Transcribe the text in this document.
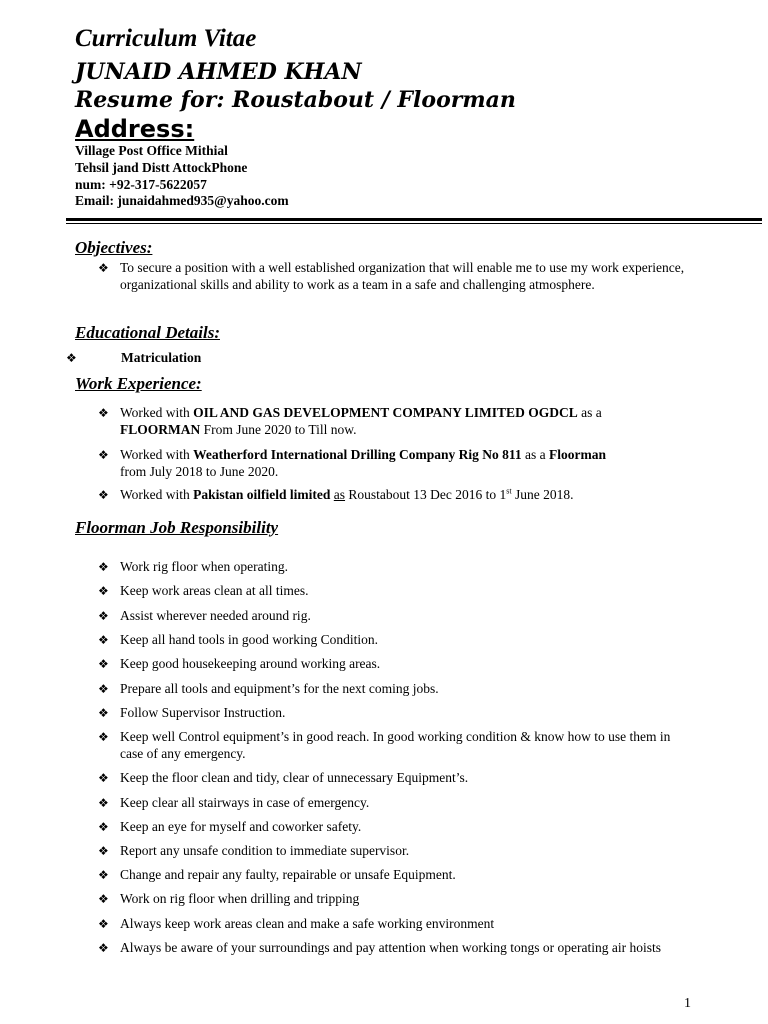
Curriculum Vitae
JUNAID AHMED KHAN
Resume for: Roustabout / Floorman
Address:
Village Post Office Mithial
Tehsil jand Distt AttockPhone
num: +92-317-5622057
Email: junaidahmed935@yahoo.com
Objectives:
❖ To secure a position with a well established organization that will enable me to use my work experience, organizational skills and ability to work as a team in a safe and challenging atmosphere.
Educational Details:
❖	Matriculation
Work Experience:
❖ Worked with OIL AND GAS DEVELOPMENT COMPANY LIMITED OGDCL as a
FLOORMAN From June 2020 to Till now.
❖ Worked with Weatherford International Drilling Company Rig No 811 as a Floorman
from July 2018 to June 2020.
❖ Worked with Pakistan oilfield limited as Roustabout 13 Dec 2016 to 1st June 2018.
Floorman Job Responsibility
❖ Work rig floor when operating.
❖ Keep work areas clean at all times.
❖ Assist wherever needed around rig.
❖ Keep all hand tools in good working Condition.
❖ Keep good housekeeping around working areas.
❖ Prepare all tools and equipment’s for the next coming jobs.
❖ Follow Supervisor Instruction.
❖ Keep well Control equipment’s in good reach. In good working condition & know how to use them in case of any emergency.
❖ Keep the floor clean and tidy, clear of unnecessary Equipment’s.
❖ Keep clear all stairways in case of emergency.
❖ Keep an eye for myself and coworker safety.
❖ Report any unsafe condition to immediate supervisor.
❖ Change and repair any faulty, repairable or unsafe Equipment.
❖ Work on rig floor when drilling and tripping
❖ Always keep work areas clean and make a safe working environment
❖ Always be aware of your surroundings and pay attention when working tongs or operating air hoists
1
